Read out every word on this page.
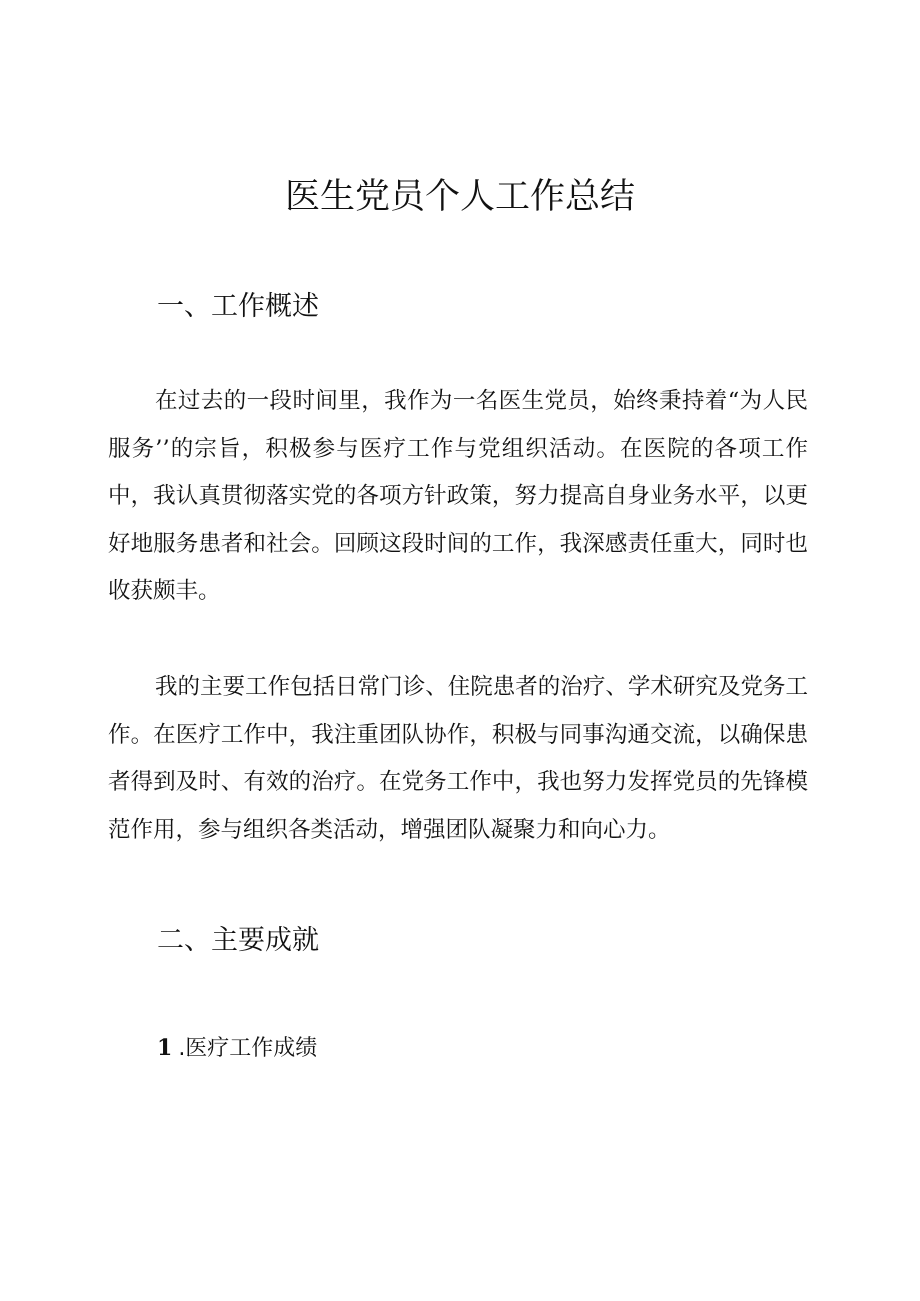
医生党员个人工作总结
一、工作概述

在过去的一段时间里，我作为一名医生党员，始终秉持着“为人民服务’’的宗旨，积极参与医疗工作与党组织活动。在医院的各项工作中，我认真贯彻落实党的各项方针政策，努力提高自身业务水平，以更好地服务患者和社会。回顾这段时间的工作，我深感责任重大，同时也收获颇丰。

我的主要工作包括日常门诊、住院患者的治疗、学术研究及党务工作。在医疗工作中，我注重团队协作，积极与同事沟通交流，以确保患者得到及时、有效的治疗。在党务工作中，我也努力发挥党员的先锋模范作用，参与组织各类活动，增强团队凝聚力和向心力。

二、主要成就
1 .医疗工作成绩
